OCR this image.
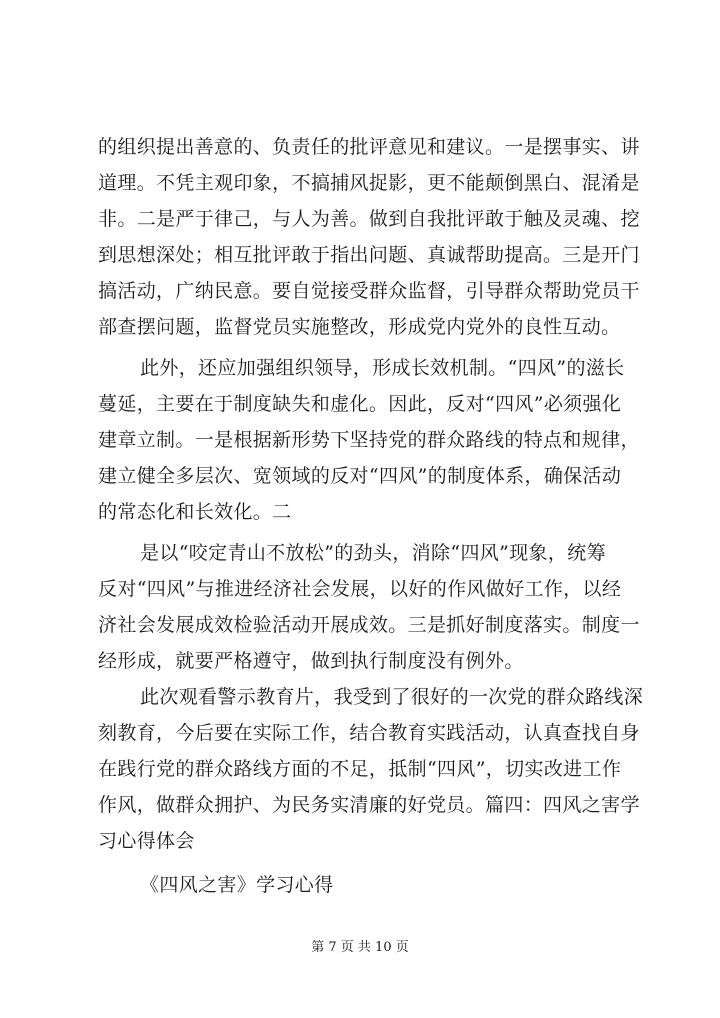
的组织提出善意的、负责任的批评意见和建议。一是摆事实、讲
道理。不凭主观印象，不搞捕风捉影，更不能颠倒黑白、混淆是
非。二是严于律己，与人为善。做到自我批评敢于触及灵魂、挖
到思想深处；相互批评敢于指出问题、真诚帮助提高。三是开门
搞活动，广纳民意。要自觉接受群众监督，引导群众帮助党员干
部查摆问题，监督党员实施整改，形成党内党外的良性互动。
此外，还应加强组织领导，形成长效机制。“四风”的滋长
蔓延，主要在于制度缺失和虚化。因此，反对“四风”必须强化
建章立制。一是根据新形势下坚持党的群众路线的特点和规律，
建立健全多层次、宽领域的反对“四风”的制度体系，确保活动
的常态化和长效化。二
是以“咬定青山不放松”的劲头，消除“四风”现象，统筹
反对“四风”与推进经济社会发展，以好的作风做好工作，以经
济社会发展成效检验活动开展成效。三是抓好制度落实。制度一
经形成，就要严格遵守，做到执行制度没有例外。
此次观看警示教育片，我受到了很好的一次党的群众路线深
刻教育，今后要在实际工作，结合教育实践活动，认真查找自身
在践行党的群众路线方面的不足，抵制“四风”，切实改进工作
作风，做群众拥护、为民务实清廉的好党员。篇四：四风之害学
习心得体会
《四风之害》学习心得
第 7 页 共 10 页
